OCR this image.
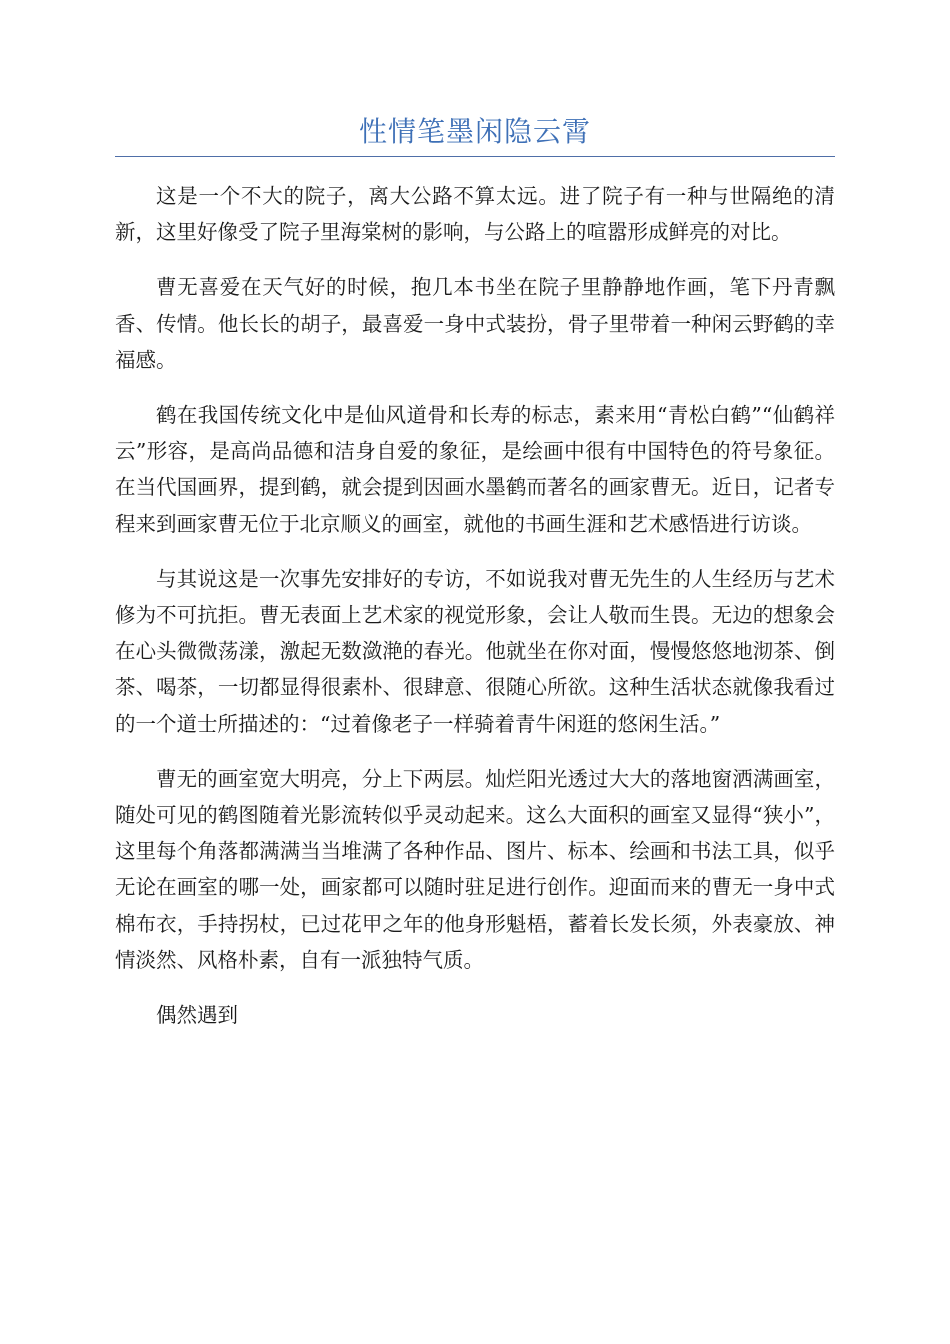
性情笔墨闲隐云霄

这是一个不大的院子，离大公路不算太远。进了院子有一种与世隔绝的清新，这里好像受了院子里海棠树的影响，与公路上的喧嚣形成鲜亮的对比。

曹无喜爱在天气好的时候，抱几本书坐在院子里静静地作画，笔下丹青飘香、传情。他长长的胡子，最喜爱一身中式装扮，骨子里带着一种闲云野鹤的幸福感。

鹤在我国传统文化中是仙风道骨和长寿的标志，素来用“青松白鹤”“仙鹤祥云”形容，是高尚品德和洁身自爱的象征，是绘画中很有中国特色的符号象征。在当代国画界，提到鹤，就会提到因画水墨鹤而著名的画家曹无。近日，记者专程来到画家曹无位于北京顺义的画室，就他的书画生涯和艺术感悟进行访谈。

与其说这是一次事先安排好的专访，不如说我对曹无先生的人生经历与艺术修为不可抗拒。曹无表面上艺术家的视觉形象，会让人敬而生畏。无边的想象会在心头微微荡漾，激起无数潋滟的春光。他就坐在你对面，慢慢悠悠地沏茶、倒茶、喝茶，一切都显得很素朴、很肆意、很随心所欲。这种生活状态就像我看过的一个道士所描述的：“过着像老子一样骑着青牛闲逛的悠闲生活。”

曹无的画室宽大明亮，分上下两层。灿烂阳光透过大大的落地窗洒满画室，随处可见的鹤图随着光影流转似乎灵动起来。这么大面积的画室又显得“狭小”，这里每个角落都满满当当堆满了各种作品、图片、标本、绘画和书法工具，似乎无论在画室的哪一处，画家都可以随时驻足进行创作。迎面而来的曹无一身中式棉布衣，手持拐杖，已过花甲之年的他身形魁梧，蓄着长发长须，外表豪放、神情淡然、风格朴素，自有一派独特气质。

偶然遇到
